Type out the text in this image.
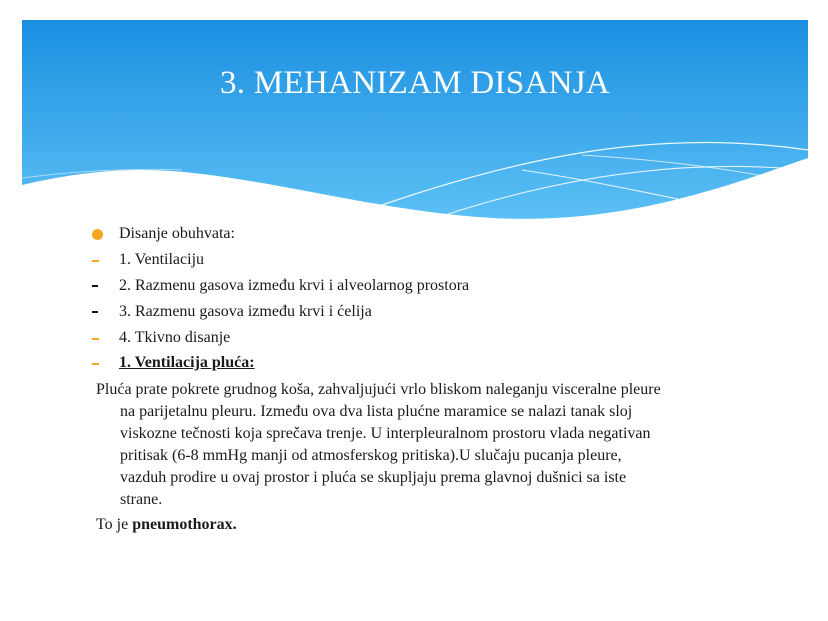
3. MEHANIZAM DISANJA
Disanje obuhvata:
1. Ventilaciju
2. Razmenu gasova između krvi i alveolarnog prostora
3. Razmenu gasova između krvi i ćelija
4. Tkivno disanje
1. Ventilacija pluća:
Pluća prate pokrete grudnog koša, zahvaljujući vrlo bliskom naleganju visceralne pleure
na parijetalnu pleuru. Između ova dva lista plućne maramice se nalazi tanak sloj
viskozne tečnosti koja sprečava trenje. U interpleuralnom prostoru vlada negativan
pritisak (6-8 mmHg manji od atmosferskog pritiska).U slučaju pucanja pleure,
vazduh prodire u ovaj prostor i pluća se skupljaju prema glavnoj dušnici sa iste
strane.
To je pneumothorax.
